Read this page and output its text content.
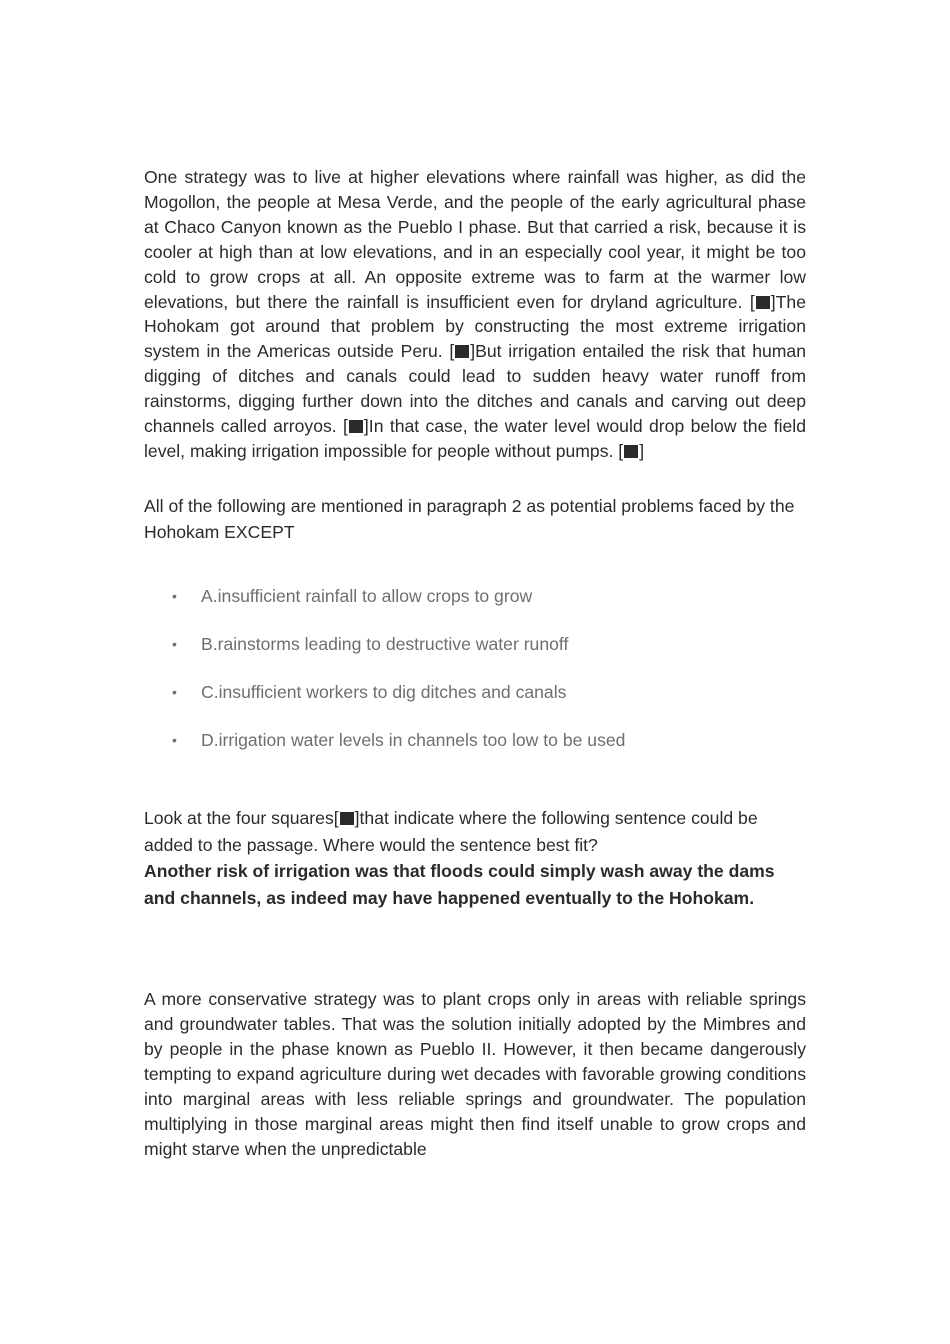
One strategy was to live at higher elevations where rainfall was higher, as did the Mogollon, the people at Mesa Verde, and the people of the early agricultural phase at Chaco Canyon known as the Pueblo I phase. But that carried a risk, because it is cooler at high than at low elevations, and in an especially cool year, it might be too cold to grow crops at all. An opposite extreme was to farm at the warmer low elevations, but there the rainfall is insufficient even for dryland agriculture. [ ]The Hohokam got around that problem by constructing the most extreme irrigation system in the Americas outside Peru. [ ]But irrigation entailed the risk that human digging of ditches and canals could lead to sudden heavy water runoff from rainstorms, digging further down into the ditches and canals and carving out deep channels called arroyos. [ ]In that case, the water level would drop below the field level, making irrigation impossible for people without pumps. [ ]

All of the following are mentioned in paragraph 2 as potential problems faced by the Hohokam EXCEPT

• A.insufficient rainfall to allow crops to grow
• B.rainstorms leading to destructive water runoff
• C.insufficient workers to dig ditches and canals
• D.irrigation water levels in channels too low to be used
Look at the four squares[ ]that indicate where the following sentence could be added to the passage. Where would the sentence best fit?
Another risk of irrigation was that floods could simply wash away the dams and channels, as indeed may have happened eventually to the Hohokam.

A more conservative strategy was to plant crops only in areas with reliable springs and groundwater tables. That was the solution initially adopted by the Mimbres and by people in the phase known as Pueblo II. However, it then became dangerously tempting to expand agriculture during wet decades with favorable growing conditions into marginal areas with less reliable springs and groundwater. The population multiplying in those marginal areas might then find itself unable to grow crops and might starve when the unpredictable
